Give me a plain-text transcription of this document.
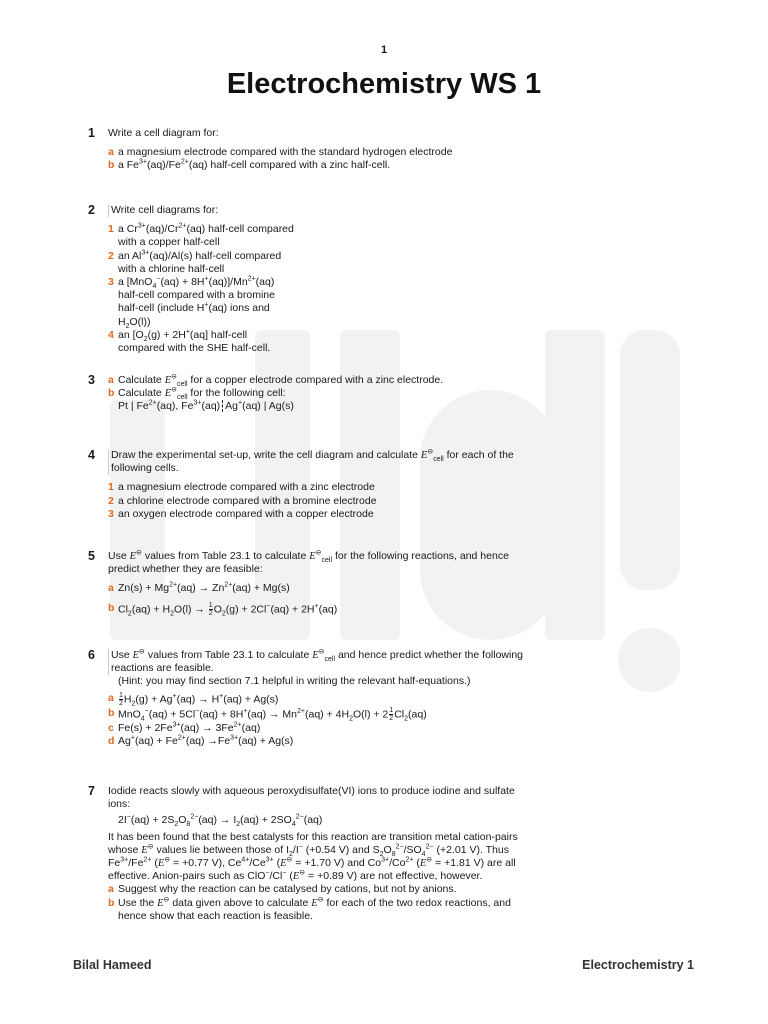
1
Electrochemistry WS 1
1 Write a cell diagram for:

a a magnesium electrode compared with the standard hydrogen electrode

b a $Fe^{3+}(aq)/Fe^{2+}(aq)$ half-cell compared with a zinc half-cell.

2 Write cell diagrams for:

1 a $Cr^{3+}(aq)/Cr^{2+}(aq)$ half-cell compared with a copper half-cell

2 an $Al^{3+}(aq)/Al(s)$ half-cell compared with a chlorine half-cell

3 a $[MnO_4^-(aq) + 8H^+(aq)]/Mn^{2+}(aq)$ half-cell compared with a bromine half-cell (include H+(aq) ions and $H_2O(l)$)

4 an [$O_2(g) + 2H^+(aq]$ half-cell compared with the SHE half-cell.

3 a Calculate $E^⊖_{cell}$ for a copper electrode compared with a zinc electrode.

b Calculate $E^⊖_{cell}$ for the following cell:

Pt | $Fe^{2+}(aq)$, $Fe^{3+}(aq)$ Ag+(aq) | Ag(s)

4 Draw the experimental set-up, write the cell diagram and calculate $E^⊖_{cell}$ for each of the following cells.

1 a magnesium electrode compared with a zinc electrode

2 a chlorine electrode compared with a bromine electrode

3 an oxygen electrode compared with a copper electrode

5 Use E⊖ values from Table 23.1 to calculate $E^⊖_{cell}$ for the following reactions, and hence predict whether they are feasible:

a $Zn(s) + Mg^{2+}(aq) \to Zn^{2+}(aq) + Mg(s)$

b $Cl_2(aq) + H_2O(l) \to \frac{1}{2} O_2(g) + 2Cl^-(aq) + 2H^+(aq)$

6 Use E⊖ values from Table 23.1 to calculate $E^⊖_{cell}$ and hence predict whether the following reactions are feasible.

(Hint: you may find section 7.1 helpful in writing the relevant half-equations.)

a $\frac{1}{2} H_2(g) + Ag^+(aq) \to H^+(aq) + Ag(s)$

b $MnO_4^-(aq) + 5Cl^-(aq) + 8H^+(aq) \to Mn^{2+}(aq) + 4H_2O(l) + 2 \frac{1}{2} Cl_2(aq)$

c $Fe(s) + 2Fe^{3+}(aq) \to 3Fe^{2+}(aq)$

d $Ag^+(aq) + Fe^{2+}(aq) \to Fe^{3+}(aq) + Ag(s)$

7 Iodide reacts slowly with aqueous peroxydisulfate(VI) ions to produce iodine and sulfate ions:

$2I^-(aq) + 2S_2O_8^{2-}(aq) \to I_2(aq) + 2SO_4^{2-}(aq)$

It has been found that the best catalysts for this reaction are transition metal cation-pairs whose E⊖ values lie between those of $I_2/I^-$ (+0.54 V) and $S_2O_8^{2-}/SO_4^{2-}$ (+2.01 V). Thus $Fe^{3+}/Fe^{2+}$ (E⊖ = +0.77 V), $Ce^{4+}/Ce^{3+}$ (E⊖ = +1.70 V) and $Co^{3+}/Co^{2+}$ (E⊖ = +1.81 V) are all effective. Anion-pairs such as ClO−/Cl− (E⊖ = +0.89 V) are not effective, however.

a Suggest why the reaction can be catalysed by cations, but not by anions.

b Use the E⊖ data given above to calculate E⊖ for each of the two redox reactions, and hence show that each reaction is feasible.

Bilal Hameed	Electrochemistry 1
